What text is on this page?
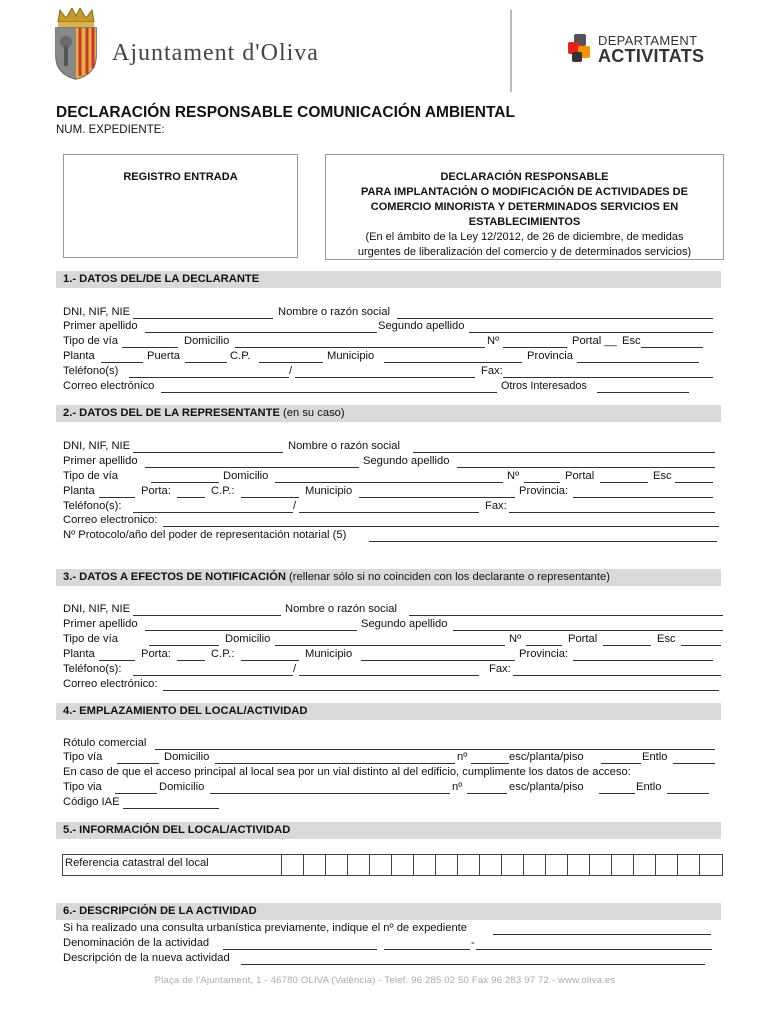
Ajuntament d'Oliva	DEPARTAMENT
ACTIVITATS
DECLARACIÓN RESPONSABLE COMUNICACIÓN AMBIENTAL
NUM. EXPEDIENTE:
REGISTRO ENTRADA	DECLARACIÓN RESPONSABLE
PARA IMPLANTACIÓN O MODIFICACIÓN DE ACTIVIDADES DE
COMERCIO MINORISTA Y DETERMINADOS SERVICIOS EN
ESTABLECIMIENTOS
(En el ámbito de la Ley 12/2012, de 26 de diciembre, de medidas
urgentes de liberalización del comercio y de determinados servicios)
1.- DATOS DEL/DE LA DECLARANTE
DNI, NIF, NIE	Nombre o razón social
Primer apellido	Segundo apellido
Tipo de vía	Domicilio	Nº	Portal __ Esc
Planta	Puerta	C.P.	Municipio	Provincia
Teléfono(s)	/	Fax:
Correo electrónico	Otros Interesados
2.- DATOS DEL DE LA REPRESENTANTE (en su caso)
DNI, NIF, NIE	Nombre o razón social
Primer apellido	Segundo apellido
Tipo de vía	Domicilio	Nº	Portal	Esc
Planta	Porta:	C.P.:	Municipio	Provincia:
Teléfono(s):	/	Fax:
Correo electronico:
Nº Protocolo/año del poder de representación notarial (5)
3.- DATOS A EFECTOS DE NOTIFICACIÓN (rellenar sólo si no coinciden con los declarante o representante)
DNI, NIF, NIE	Nombre o razón social
Primer apellido	Segundo apellido
Tipo de vía	Domicilio	Nº	Portal	Esc
Planta	Porta:	C.P.:	Municipio	Provincia:
Teléfono(s):	/	Fax:
Correo electrónico:
4.- EMPLAZAMIENTO DEL LOCAL/ACTIVIDAD
Rótulo comercial
Tipo vía	Domicilio	nº	esc/planta/piso	Entlo
En caso de que el acceso principal al local sea por un vial distinto al del edificio, cumplimente los datos de acceso:
Tipo via	Domicilio	nº	esc/planta/piso	Entlo
Código IAE
5.- INFORMACIÓN DEL LOCAL/ACTIVIDAD
Referencia catastral del local
6.- DESCRIPCIÓN DE LA ACTIVIDAD
Si ha realizado una consulta urbanística previamente, indique el nº de expediente
Denominación de la actividad	-
Descripción de la nueva actividad
Plaça de l'Ajuntament, 1 - 46780 OLIVA (València) - Telef. 96 285 02 50 Fax 96 283 97 72 - www.oliva.es
